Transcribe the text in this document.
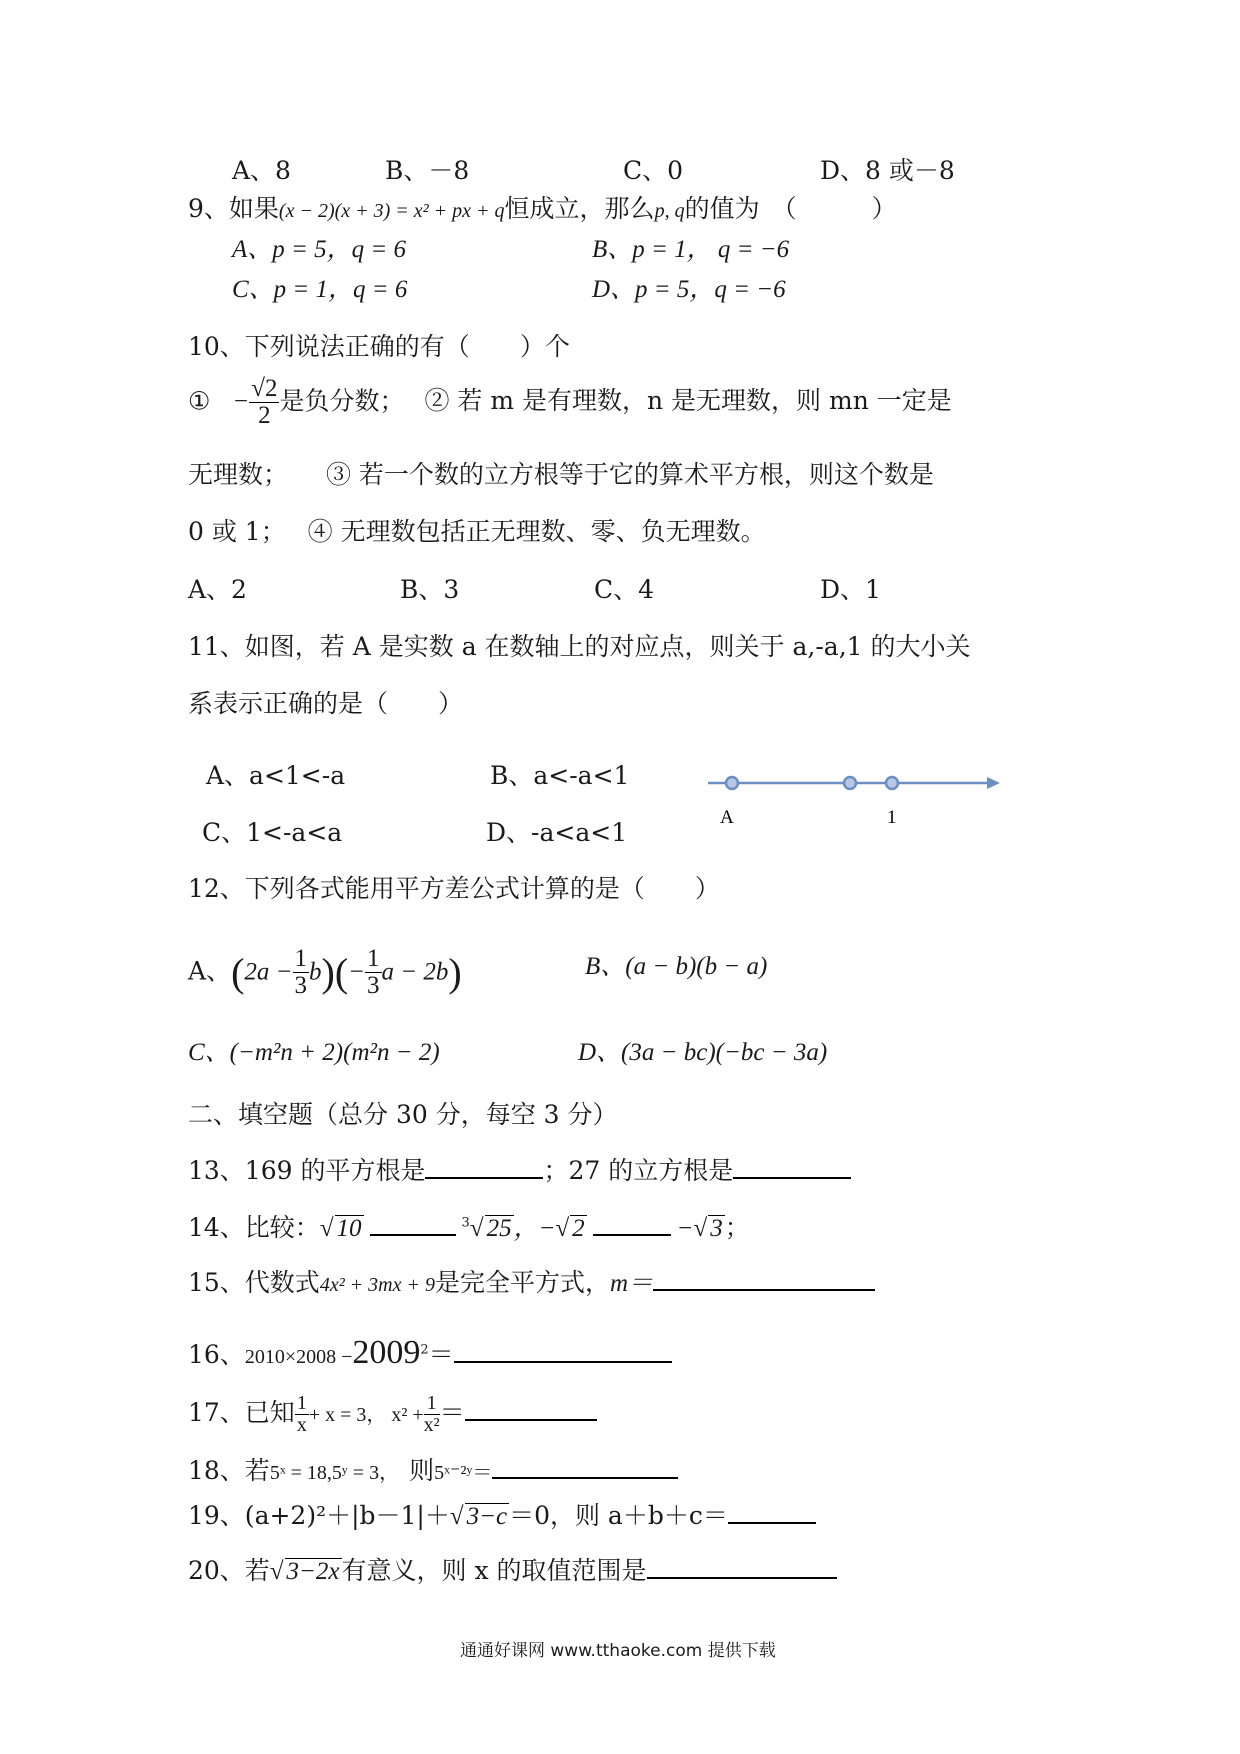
A、8	B、－8	C、0	D、8 或－8
9、如果(x − 2)(x + 3) = x² + px + q恒成立，那么p, q的值为 （　　　）
A、p = 5，q = 6	B、p = 1， q = −6
C、p = 1，q = 6	D、p = 5，q = −6
10、下列说法正确的有（　　）个
① − $\frac{√2}{2}$ 是负分数； ② 若 m 是有理数，n 是无理数，则 mn 一定是
无理数； ③ 若一个数的立方根等于它的算术平方根，则这个数是
0 或 1； ④ 无理数包括正无理数、零、负无理数。
A、2	B、3	C、4	D、1
11、如图，若 A 是实数 a 在数轴上的对应点，则关于 a,-a,1 的大小关
系表示正确的是（　　）
A、a<1<-a	B、a<-a<1
C、1<-a<a	D、-a<a<1
A	1
12、下列各式能用平方差公式计算的是（　　）
A、$(2a - \frac{1}{3} b)(- \frac{1}{3}$ a − 2b)	B、(a − b)(b − a)
C、(−m²n + 2)(m²n − 2)	D、(3a − bc)(−bc − 3a)
二、填空题（总分 30 分，每空 3 分）
13、169 的平方根是	；27 的立方根是
14、比较：√ 10	$^3$√ 25，−√ 2	−√ 3；
15、代数式4x² + 3mx + 9是完全平方式，m＝
16、$2010\times 2008 -2009^2=$
17、已知 $\frac{1}{x} + x = 3$， $x^2 + \frac{1}{\text{x²}}$ ＝
18、若5ˣ = 18,5ʸ = 3， 则5ˣ⁻²ʸ＝
19、(a+2)²＋|b－1|＋√ 3−c＝0，则 a＋b＋c＝
20、若√ 3−2x有意义，则 x 的取值范围是
通通好课网 www.tthaoke.com 提供下载
